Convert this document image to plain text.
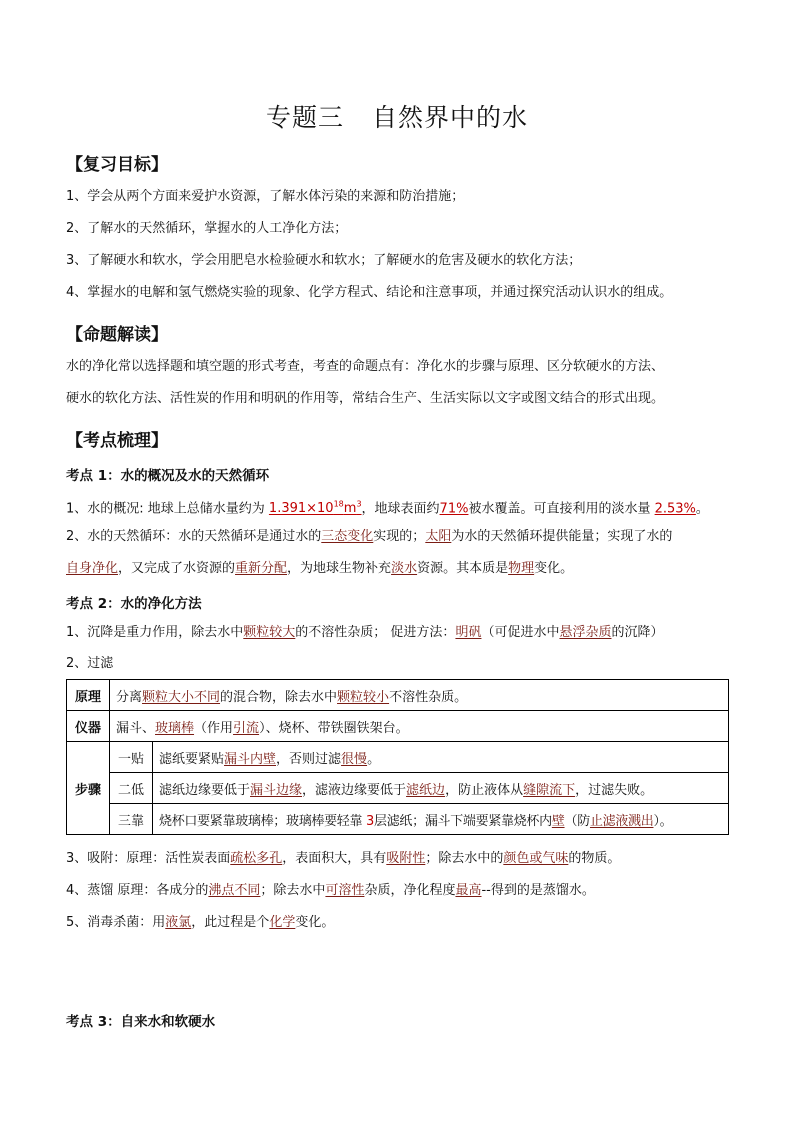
专题三 自然界中的水
【复习目标】
1、学会从两个方面来爱护水资源，了解水体污染的来源和防治措施；
2、了解水的天然循环，掌握水的人工净化方法；
3、了解硬水和软水，学会用肥皂水检验硬水和软水；了解硬水的危害及硬水的软化方法；
4、掌握水的电解和氢气燃烧实验的现象、化学方程式、结论和注意事项，并通过探究活动认识水的组成。
【命题解读】
水的净化常以选择题和填空题的形式考查，考查的命题点有：净化水的步骤与原理、区分软硬水的方法、
硬水的软化方法、活性炭的作用和明矾的作用等，常结合生产、生活实际以文字或图文结合的形式出现。
【考点梳理】
考点 1：水的概况及水的天然循环
1、水的概况: 地球上总储水量约为 $1.391\times 10^{18}m^3$，地球表面约71%被水覆盖。可直接利用的淡水量 2.53%。
2、水的天然循环：水的天然循环是通过水的三态变化实现的；太阳为水的天然循环提供能量；实现了水的
自身净化，又完成了水资源的重新分配，为地球生物补充淡水资源。其本质是物理变化。
考点 2：水的净化方法
1、沉降是重力作用，除去水中颗粒较大的不溶性杂质； 促进方法：明矾（可促进水中悬浮杂质的沉降）
2、过滤
原理	分离颗粒大小不同的混合物，除去水中颗粒较小不溶性杂质。	
仪器	漏斗、玻璃棒（作用引流）、烧杯、带铁圈铁架台。	
步骤	一贴	滤纸要紧贴漏斗内壁，否则过滤很慢。
	二低	滤纸边缘要低于漏斗边缘，滤液边缘要低于滤纸边，防止液体从缝隙流下，过滤失败。
	三靠	烧杯口要紧靠玻璃棒；玻璃棒要轻靠 3层滤纸；漏斗下端要紧靠烧杯内壁（防止滤液溅出）。
3、吸附：原理：活性炭表面疏松多孔，表面积大，具有吸附性；除去水中的颜色或气味的物质。
4、蒸馏 原理：各成分的沸点不同；除去水中可溶性杂质，净化程度最高--得到的是蒸馏水。
5、消毒杀菌：用液氯，此过程是个化学变化。
考点 3：自来水和软硬水
